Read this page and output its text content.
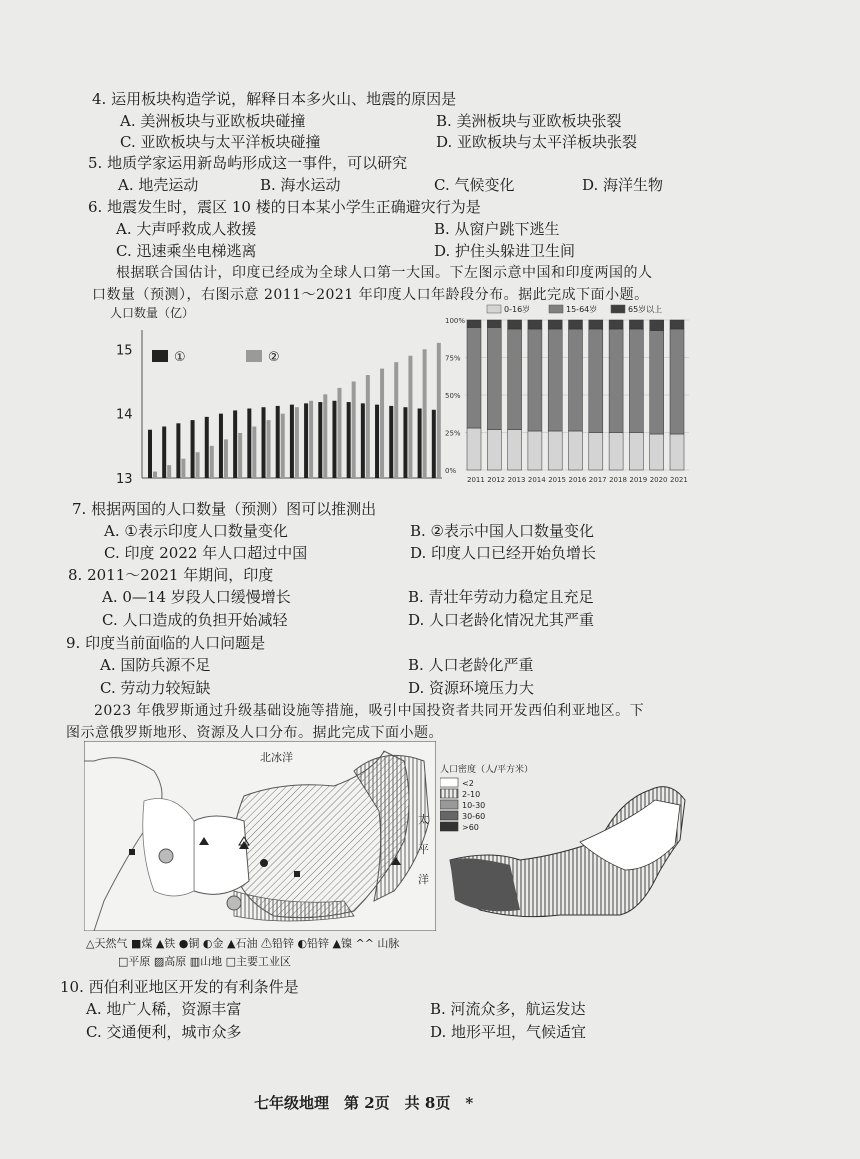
4. 运用板块构造学说，解释日本多火山、地震的原因是
A. 美洲板块与亚欧板块碰撞	B. 美洲板块与亚欧板块张裂
C. 亚欧板块与太平洋板块碰撞	D. 亚欧板块与太平洋板块张裂
5. 地质学家运用新岛屿形成这一事件，可以研究
A. 地壳运动	B. 海水运动	C. 气候变化	D. 海洋生物
6. 地震发生时，震区 10 楼的日本某小学生正确避灾行为是
A. 大声呼救成人救援	B. 从窗户跳下逃生
C. 迅速乘坐电梯逃离	D. 护住头躲进卫生间
根据联合国估计，印度已经成为全球人口第一大国。下左图示意中国和印度两国的人
口数量（预测），右图示意 2011～2021 年印度人口年龄段分布。据此完成下面小题。
人口数量（亿）
13
14
15	①	②
0-16岁	15-64岁	65岁以上
0%
25%
50%
75%
100%
2011 2012 2013 2014 2015 2016 2017 2018 2019 2020 2021
7. 根据两国的人口数量（预测）图可以推测出
A. ①表示印度人口数量变化	B. ②表示中国人口数量变化
C. 印度 2022 年人口超过中国	D. 印度人口已经开始负增长
8. 2011～2021 年期间，印度
A. 0—14 岁段人口缓慢增长	B. 青壮年劳动力稳定且充足
C. 人口造成的负担开始减轻	D. 人口老龄化情况尤其严重
9. 印度当前面临的人口问题是
A. 国防兵源不足	B. 人口老龄化严重
C. 劳动力较短缺	D. 资源环境压力大
2023 年俄罗斯通过升级基础设施等措施，吸引中国投资者共同开发西伯利亚地区。下
图示意俄罗斯地形、资源及人口分布。据此完成下面小题。
北冰洋
太
平
洋
△天然气 ■煤 ▲铁 ●铜 ◐金 ▲石油 ⚠铅锌 ◐铅锌 ▲镍 ^^ 山脉
□平原 ▨高原 ▥山地 □主要工业区
人口密度（人/平方米）
<2
2-10
10-30
30-60
>60
10. 西伯利亚地区开发的有利条件是
A. 地广人稀，资源丰富	B. 河流众多，航运发达
C. 交通便利，城市众多	D. 地形平坦，气候适宜
七年级地理　第 2页　共 8页　*
